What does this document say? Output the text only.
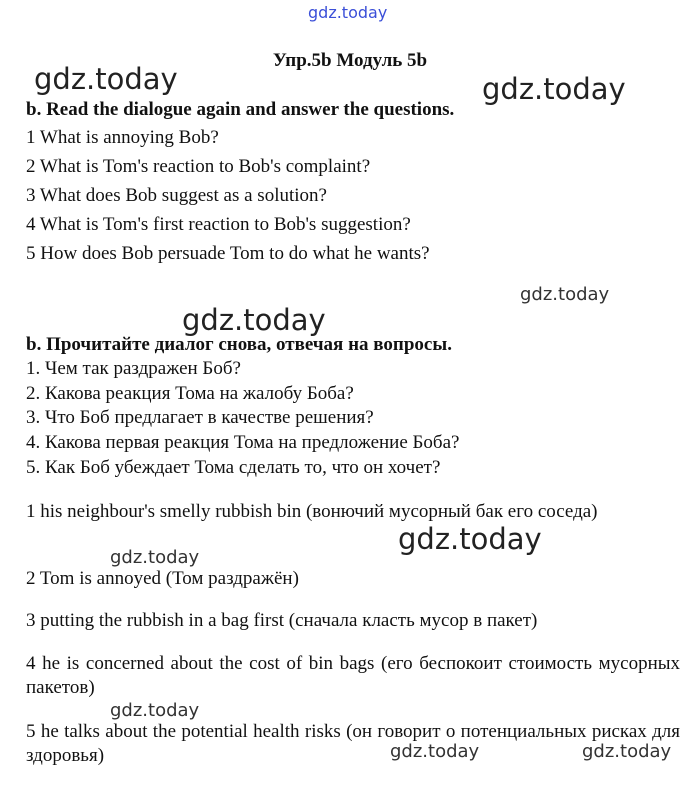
gdz.today
Упр.5b Модуль 5b
gdz.today	gdz.today
b. Read the dialogue again and answer the questions.
1 What is annoying Bob?
2 What is Tom's reaction to Bob's complaint?
3 What does Bob suggest as a solution?
4 What is Tom's first reaction to Bob's suggestion?
5 How does Bob persuade Tom to do what he wants?
gdz.today
gdz.today
b. Прочитайте диалог снова, отвечая на вопросы.
1. Чем так раздражен Боб?
2. Какова реакция Тома на жалобу Боба?
3. Что Боб предлагает в качестве решения?
4. Какова первая реакция Тома на предложение Боба?
5. Как Боб убеждает Тома сделать то, что он хочет?
1 his neighbour's smelly rubbish bin (вонючий мусорный бак его соседа)
gdz.today
gdz.today
2 Tom is annoyed (Том раздражён)
3 putting the rubbish in a bag first (сначала класть мусор в пакет)
4 he is concerned about the cost of bin bags (его беспокоит стоимость мусорных пакетов)
gdz.today
5 he talks about the potential health risks (он говорит о потенциальных рисках для здоровья)	gdz.today	gdz.today
